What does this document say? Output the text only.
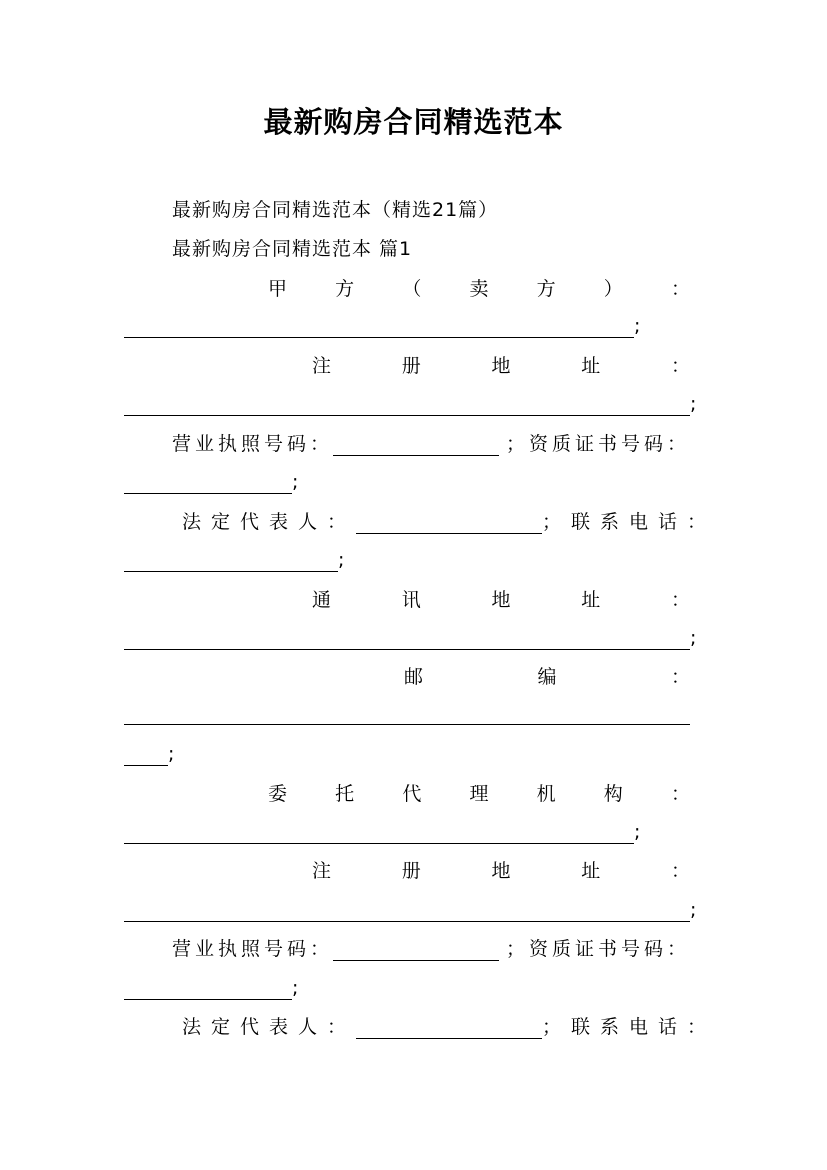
最新购房合同精选范本
最新购房合同精选范本（精选21篇）
最新购房合同精选范本 篇1
甲	方	（	卖	方	）	：
;
注	册	地	址	：
;
营业执照号码：	；资质证书号码：
;
法定代表人：	；联系电话：
;
通	讯	地	址	：
;
邮	编	：
;
委	托	代	理	机	构	：
;
注	册	地	址	：
;
营业执照号码：	；资质证书号码：
;
法定代表人：	；联系电话：
